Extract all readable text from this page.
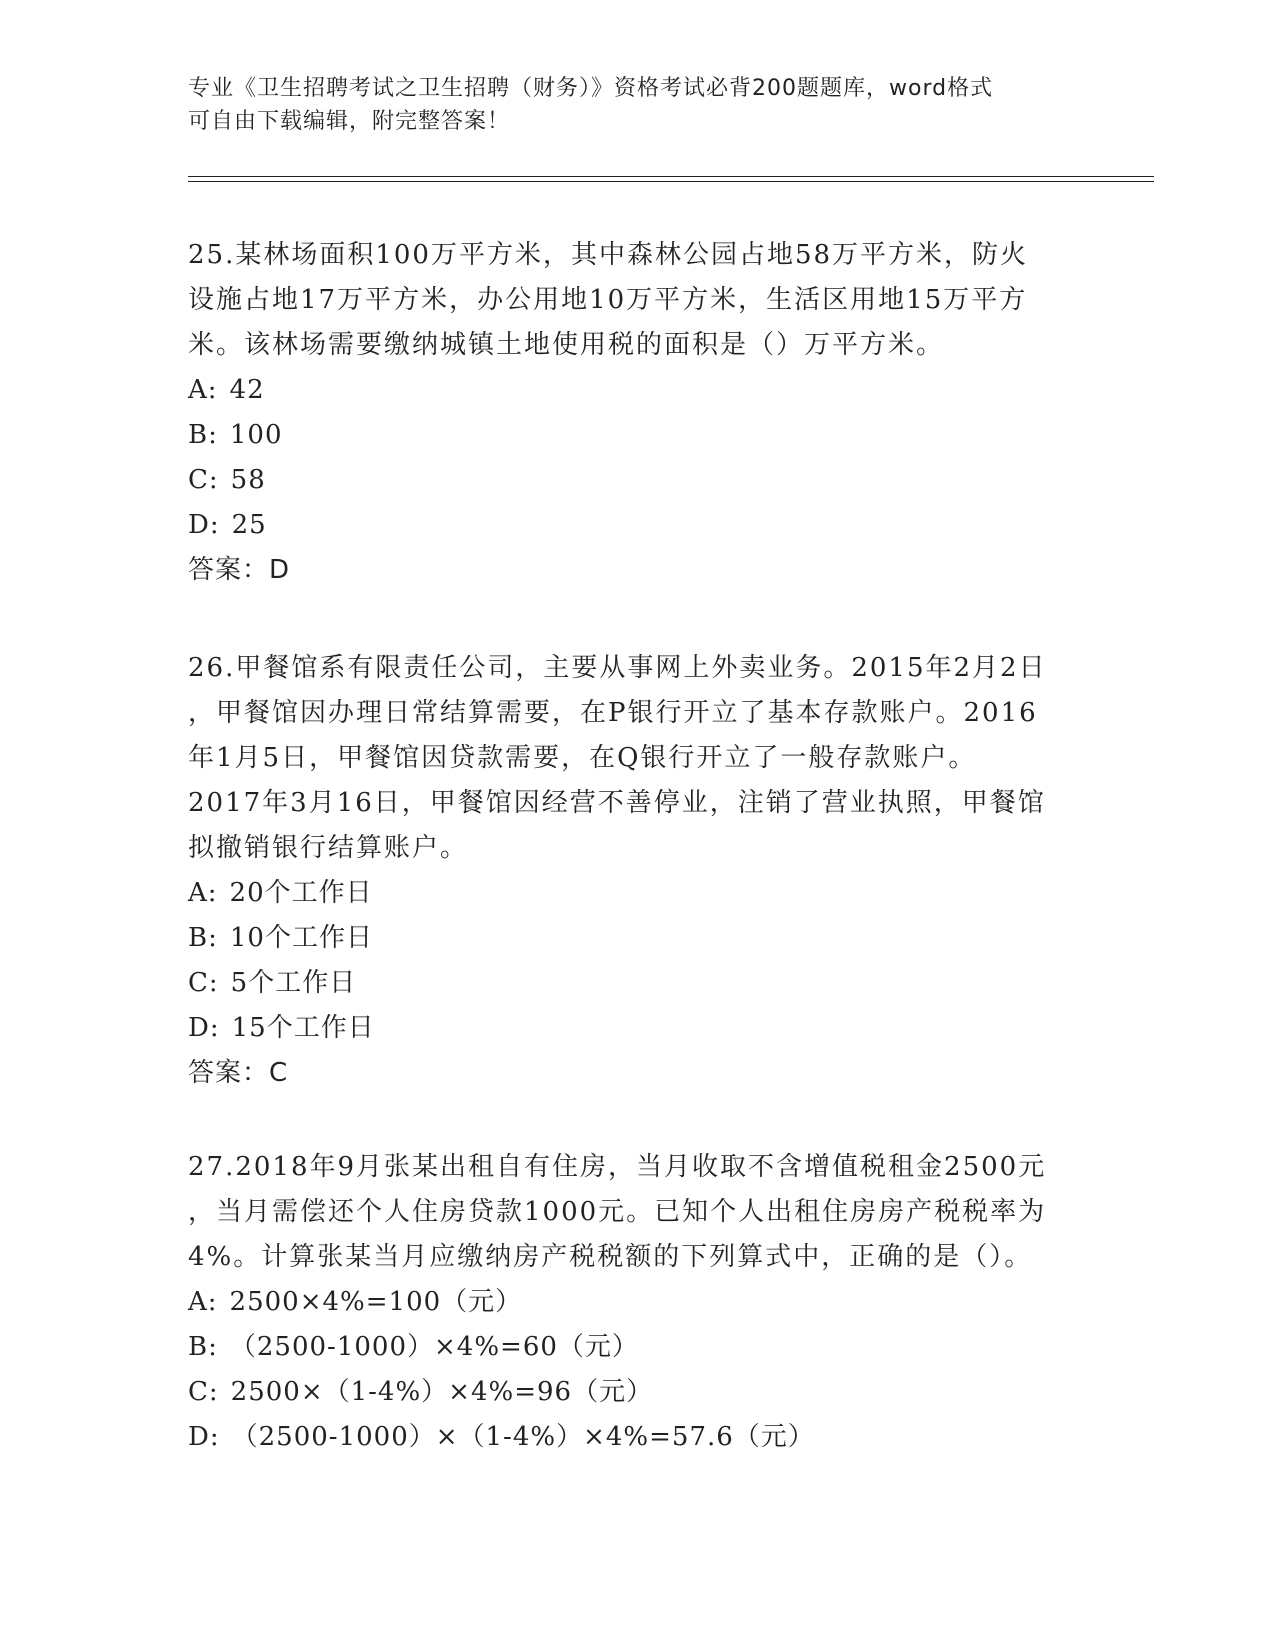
专业《卫生招聘考试之卫生招聘（财务）》资格考试必背200题题库，word格式
可自由下载编辑，附完整答案！
25.某林场面积100万平方米，其中森林公园占地58万平方米，防火
设施占地17万平方米，办公用地10万平方米，生活区用地15万平方
米。该林场需要缴纳城镇土地使用税的面积是（）万平方米。
A: 42
B: 100
C: 58
D: 25
答案：D
26.甲餐馆系有限责任公司，主要从事网上外卖业务。2015年2月2日
，甲餐馆因办理日常结算需要，在P银行开立了基本存款账户。2016
年1月5日，甲餐馆因贷款需要，在Q银行开立了一般存款账户。
2017年3月16日，甲餐馆因经营不善停业，注销了营业执照，甲餐馆
拟撤销银行结算账户。
A: 20个工作日
B: 10个工作日
C: 5个工作日
D: 15个工作日
答案：C
27.2018年9月张某出租自有住房，当月收取不含增值税租金2500元
，当月需偿还个人住房贷款1000元。已知个人出租住房房产税税率为
4%。计算张某当月应缴纳房产税税额的下列算式中，正确的是（）。
A: 2500×4%=100（元）
B: （2500-1000）×4%=60（元）
C: 2500×（1-4%）×4%=96（元）
D: （2500-1000）×（1-4%）×4%=57.6（元）
